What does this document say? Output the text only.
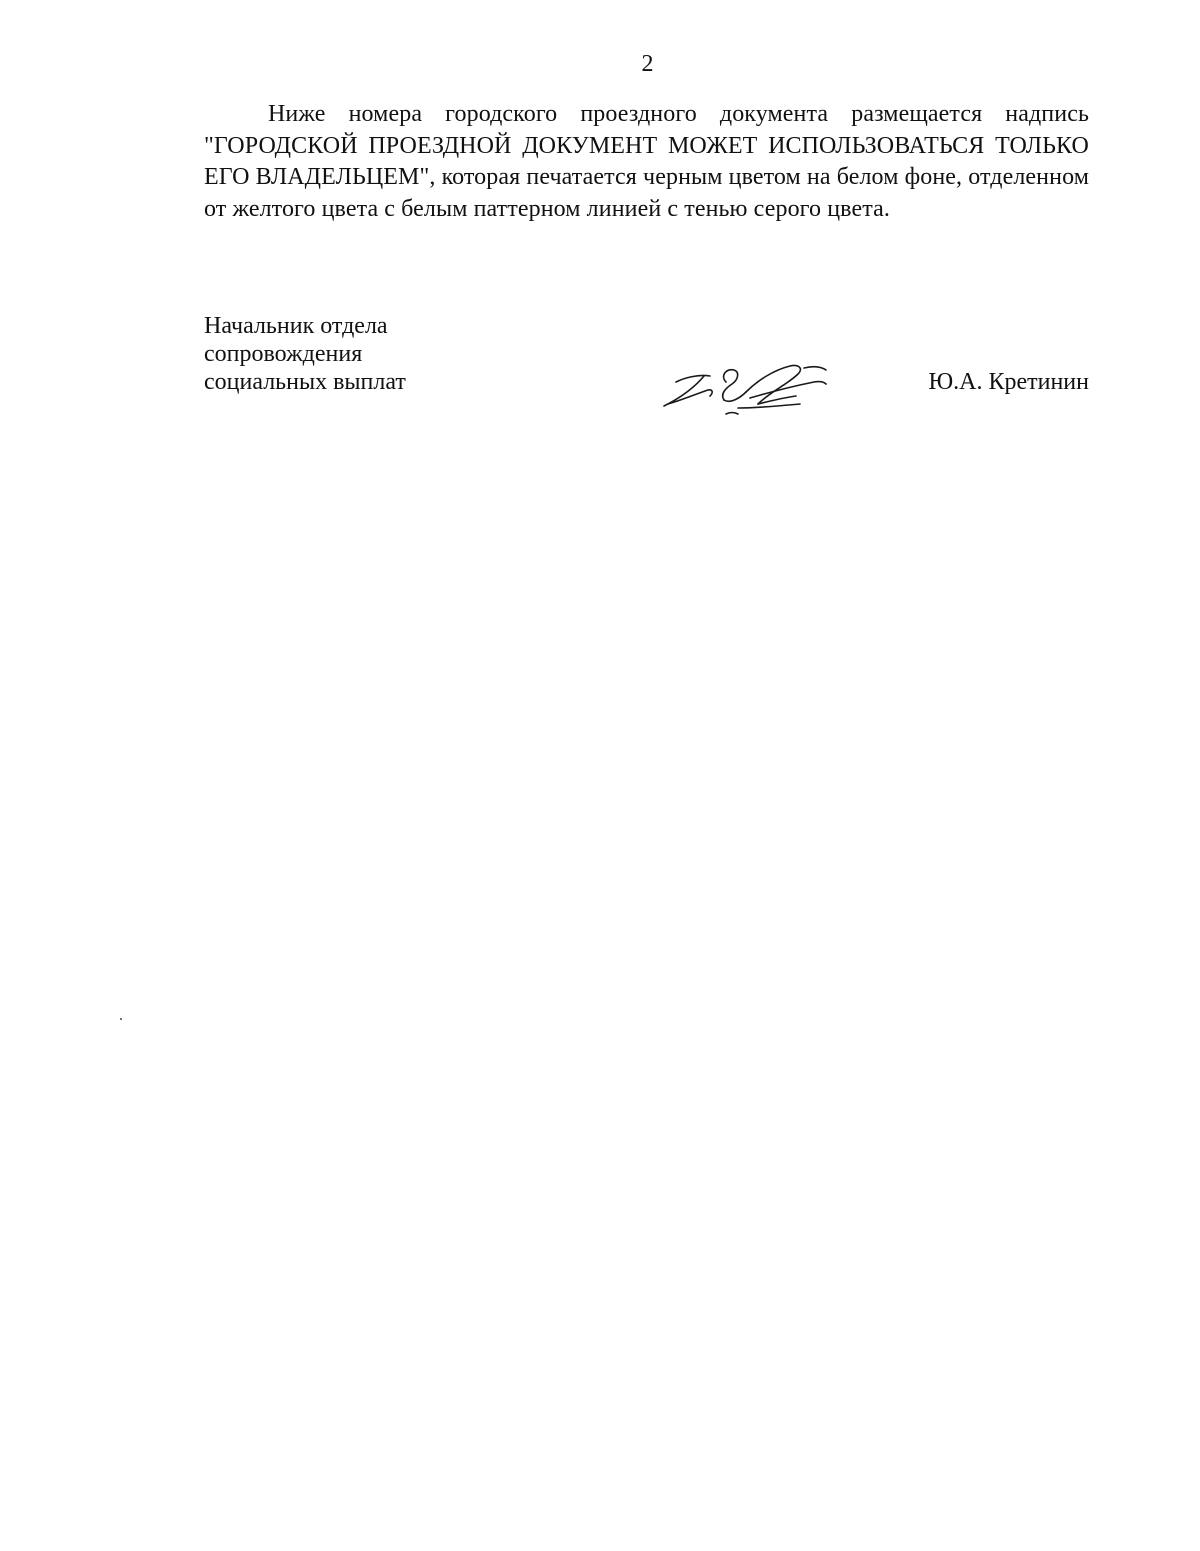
2

Ниже номера городского проездного документа размещается надпись "ГОРОДСКОЙ ПРОЕЗДНОЙ ДОКУМЕНТ МОЖЕТ ИСПОЛЬЗОВАТЬСЯ ТОЛЬКО ЕГО ВЛАДЕЛЬЦЕМ", которая печатается черным цветом на белом фоне, отделенном от желтого цвета с белым паттерном линией с тенью серого цвета.

Начальник отдела
сопровождения
социальных выплат	Ю.А. Кретинин
